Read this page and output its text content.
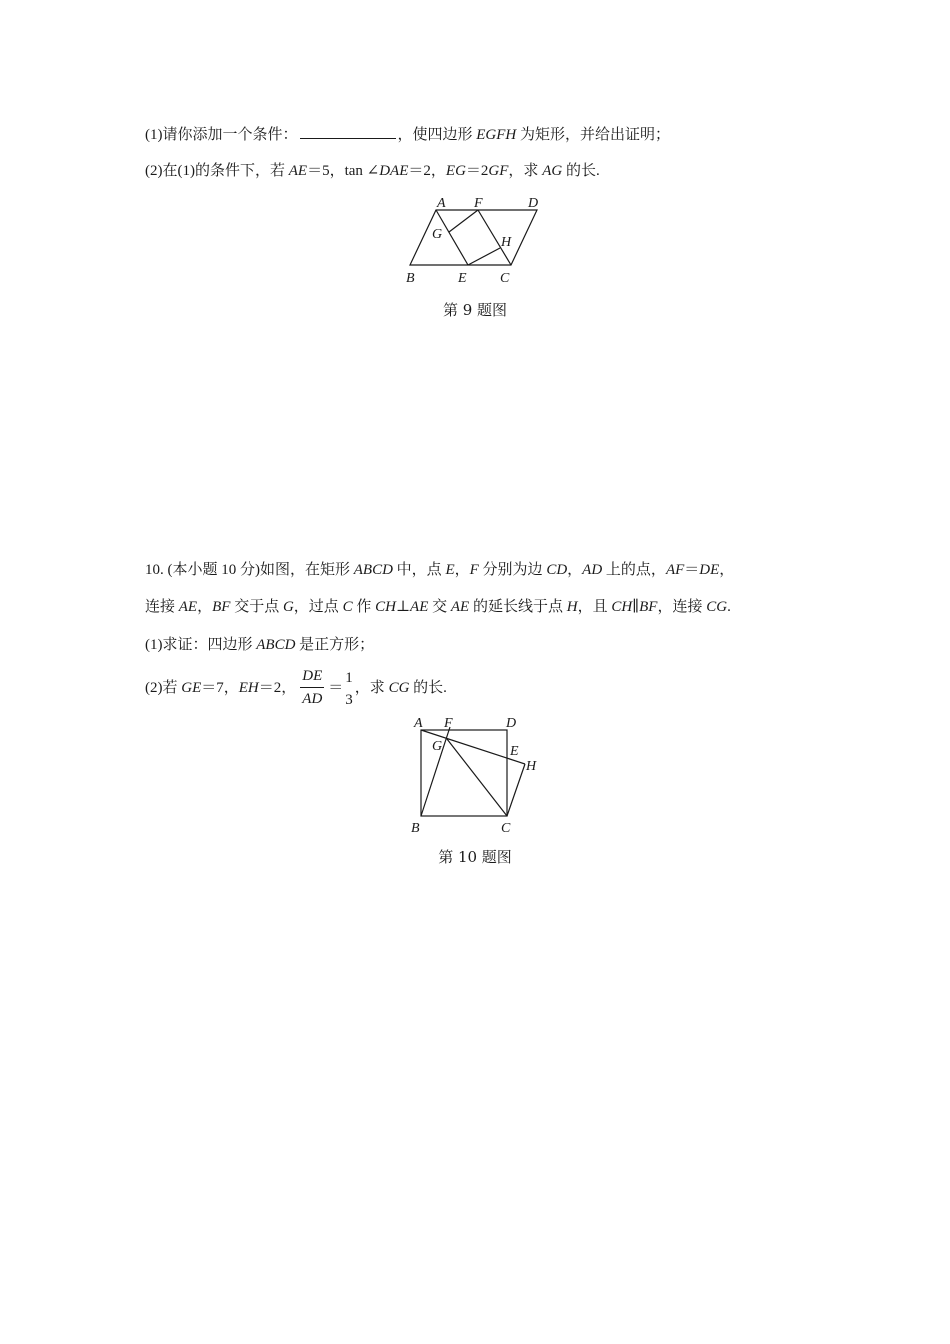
(1)请你添加一个条件：	，使四边形 EGFH 为矩形，并给出证明；
(2)在(1)的条件下，若 AE＝5，tan ∠DAE＝2，EG＝2GF，求 AG 的长.
A F	D
G
H
B	E C
第 9 题图
10. (本小题 10 分)如图，在矩形 ABCD 中，点 E，F 分别为边 CD，AD 上的点，AF＝DE，
连接 AE，BF 交于点 G，过点 C 作 CH⊥AE 交 AE 的延长线于点 H，且 CH∥BF，连接 CG.
(1)求证：四边形 ABCD 是正方形；
(2)若 GE＝7，EH＝2， $\frac{DE}{AD}$ ＝
1
3
，求 CG 的长.
A F	D
G	E
H
B	C
第 10 题图
